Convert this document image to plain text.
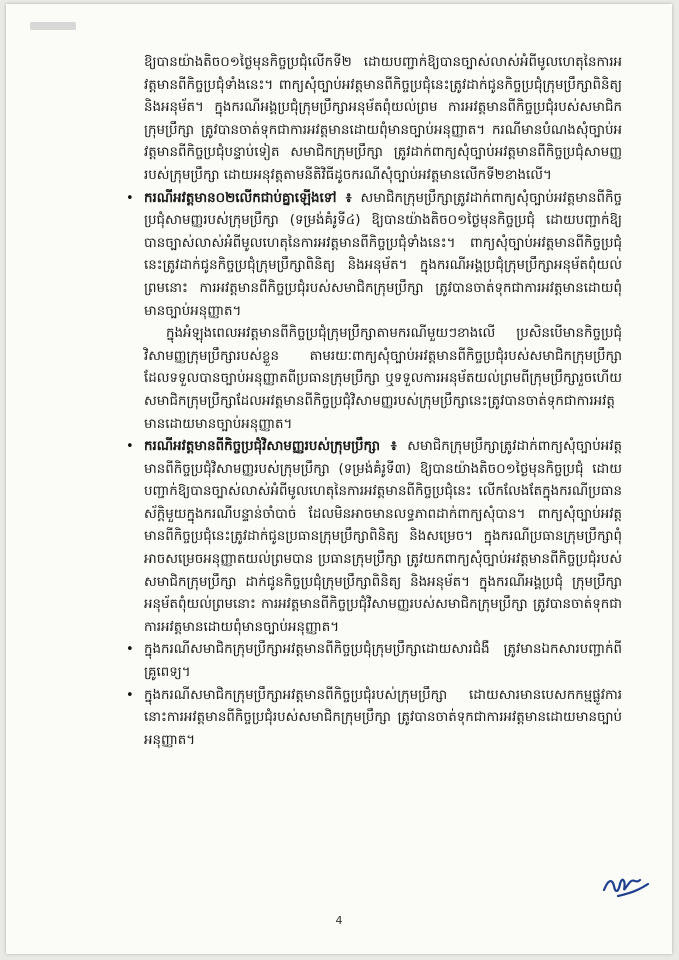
ឱ្យបានយ៉ាងតិច០១ថ្ងៃមុនកិច្ចប្រជុំលើកទី២ ដោយបញ្ជាក់ឱ្យបានច្បាស់លាស់អំពីមូលហេតុនៃការអវត្តមានពីកិច្ចប្រជុំទាំងនេះ។ ពាក្យសុំច្បាប់អវត្តមានពីកិច្ចប្រជុំនេះត្រូវដាក់ជូនកិច្ចប្រជុំក្រុមប្រឹក្សាពិនិត្យ និងអនុម័ត។ ក្នុងករណីអង្គប្រជុំក្រុមប្រឹក្សាអនុម័តពុំយល់ព្រម ការអវត្តមានពីកិច្ចប្រជុំរបស់សមាជិកក្រុមប្រឹក្សា ត្រូវបានចាត់ទុកជាការអវត្តមានដោយពុំមានច្បាប់អនុញ្ញាត។ ករណីមានបំណងសុំច្បាប់អវត្តមានពីកិច្ចប្រជុំបន្ទាប់ទៀត សមាជិកក្រុមប្រឹក្សា ត្រូវដាក់ពាក្យសុំច្បាប់អវត្តមានពីកិច្ចប្រជុំសាមញ្ញរបស់ក្រុមប្រឹក្សា ដោយអនុវត្តតាមនីតិវិធីដូចករណីសុំច្បាប់អវត្តមានលើកទី២ខាងលើ។

• ករណីអវត្តមាន០២លើកជាប់គ្នាឡើងទៅ ៖ សមាជិកក្រុមប្រឹក្សាត្រូវដាក់ពាក្យសុំច្បាប់អវត្តមានពីកិច្ចប្រជុំសាមញ្ញរបស់ក្រុមប្រឹក្សា (ទម្រង់គំរូទី៤) ឱ្យបានយ៉ាងតិច០១ថ្ងៃមុនកិច្ចប្រជុំ ដោយបញ្ជាក់ឱ្យបានច្បាស់លាស់អំពីមូលហេតុនៃការអវត្តមានពីកិច្ចប្រជុំទាំងនេះ។ ពាក្យសុំច្បាប់អវត្តមានពីកិច្ចប្រជុំនេះត្រូវដាក់ជូនកិច្ចប្រជុំក្រុមប្រឹក្សាពិនិត្យ និងអនុម័ត។ ក្នុងករណីអង្គប្រជុំក្រុមប្រឹក្សាអនុម័តពុំយល់ព្រមនោះ ការអវត្តមានពីកិច្ចប្រជុំរបស់សមាជិកក្រុមប្រឹក្សា ត្រូវបានចាត់ទុកជាការអវត្តមានដោយពុំមានច្បាប់អនុញ្ញាត។

ក្នុងអំឡុងពេលអវត្តមានពីកិច្ចប្រជុំក្រុមប្រឹក្សាតាមករណីមួយៗខាងលើ ប្រសិនបើមានកិច្ចប្រជុំវិសាមញ្ញក្រុមប្រឹក្សារបស់ខ្លួន តាមរយៈពាក្យសុំច្បាប់អវត្តមានពីកិច្ចប្រជុំរបស់សមាជិកក្រុមប្រឹក្សា ដែលទទួលបានច្បាប់អនុញ្ញាតពីប្រធានក្រុមប្រឹក្សា ឬទទួលការអនុម័តយល់ព្រមពីក្រុមប្រឹក្សារួចហើយ សមាជិកក្រុមប្រឹក្សាដែលអវត្តមានពីកិច្ចប្រជុំវិសាមញ្ញរបស់ក្រុមប្រឹក្សានេះត្រូវបានចាត់ទុកជាការអវត្តមានដោយមានច្បាប់អនុញ្ញាត។

• ករណីអវត្តមានពីកិច្ចប្រជុំវិសាមញ្ញរបស់ក្រុមប្រឹក្សា ៖ សមាជិកក្រុមប្រឹក្សាត្រូវដាក់ពាក្យសុំច្បាប់អវត្តមានពីកិច្ចប្រជុំវិសាមញ្ញរបស់ក្រុមប្រឹក្សា (ទម្រង់គំរូទី៣) ឱ្យបានយ៉ាងតិច០១ថ្ងៃមុនកិច្ចប្រជុំ ដោយបញ្ជាក់ឱ្យបានច្បាស់លាស់អំពីមូលហេតុនៃការអវត្តមានពីកិច្ចប្រជុំនេះ លើកលែងតែក្នុងករណីប្រធានស័ក្តិមួយក្នុងករណីបន្ទាន់ចាំបាច់ ដែលមិនអាចមានលទ្ធភាពដាក់ពាក្យសុំបាន។ ពាក្យសុំច្បាប់អវត្តមានពីកិច្ចប្រជុំនេះត្រូវដាក់ជូនប្រធានក្រុមប្រឹក្សាពិនិត្យ និងសម្រេច។ ក្នុងករណីប្រធានក្រុមប្រឹក្សាពុំអាចសម្រេចអនុញ្ញាតយល់ព្រមបាន ប្រធានក្រុមប្រឹក្សា ត្រូវយកពាក្យសុំច្បាប់អវត្តមានពីកិច្ចប្រជុំរបស់សមាជិកក្រុមប្រឹក្សា ដាក់ជូនកិច្ចប្រជុំក្រុមប្រឹក្សាពិនិត្យ និងអនុម័ត។ ក្នុងករណីអង្គប្រជុំ ក្រុមប្រឹក្សាអនុម័តពុំយល់ព្រមនោះ ការអវត្តមានពីកិច្ចប្រជុំវិសាមញ្ញរបស់សមាជិកក្រុមប្រឹក្សា ត្រូវបានចាត់ទុកជាការអវត្តមានដោយពុំមានច្បាប់អនុញ្ញាត។
• ក្នុងករណីសមាជិកក្រុមប្រឹក្សាអវត្តមានពីកិច្ចប្រជុំក្រុមប្រឹក្សាដោយសារជំងឺ ត្រូវមានឯកសារបញ្ជាក់ពីគ្រូពេទ្យ។
• ក្នុងករណីសមាជិកក្រុមប្រឹក្សាអវត្តមានពីកិច្ចប្រជុំរបស់ក្រុមប្រឹក្សា ដោយសារមានបេសកកម្មផ្លូវការ នោះការអវត្តមានពីកិច្ចប្រជុំរបស់សមាជិកក្រុមប្រឹក្សា ត្រូវបានចាត់ទុកជាការអវត្តមានដោយមានច្បាប់អនុញ្ញាត។
4
